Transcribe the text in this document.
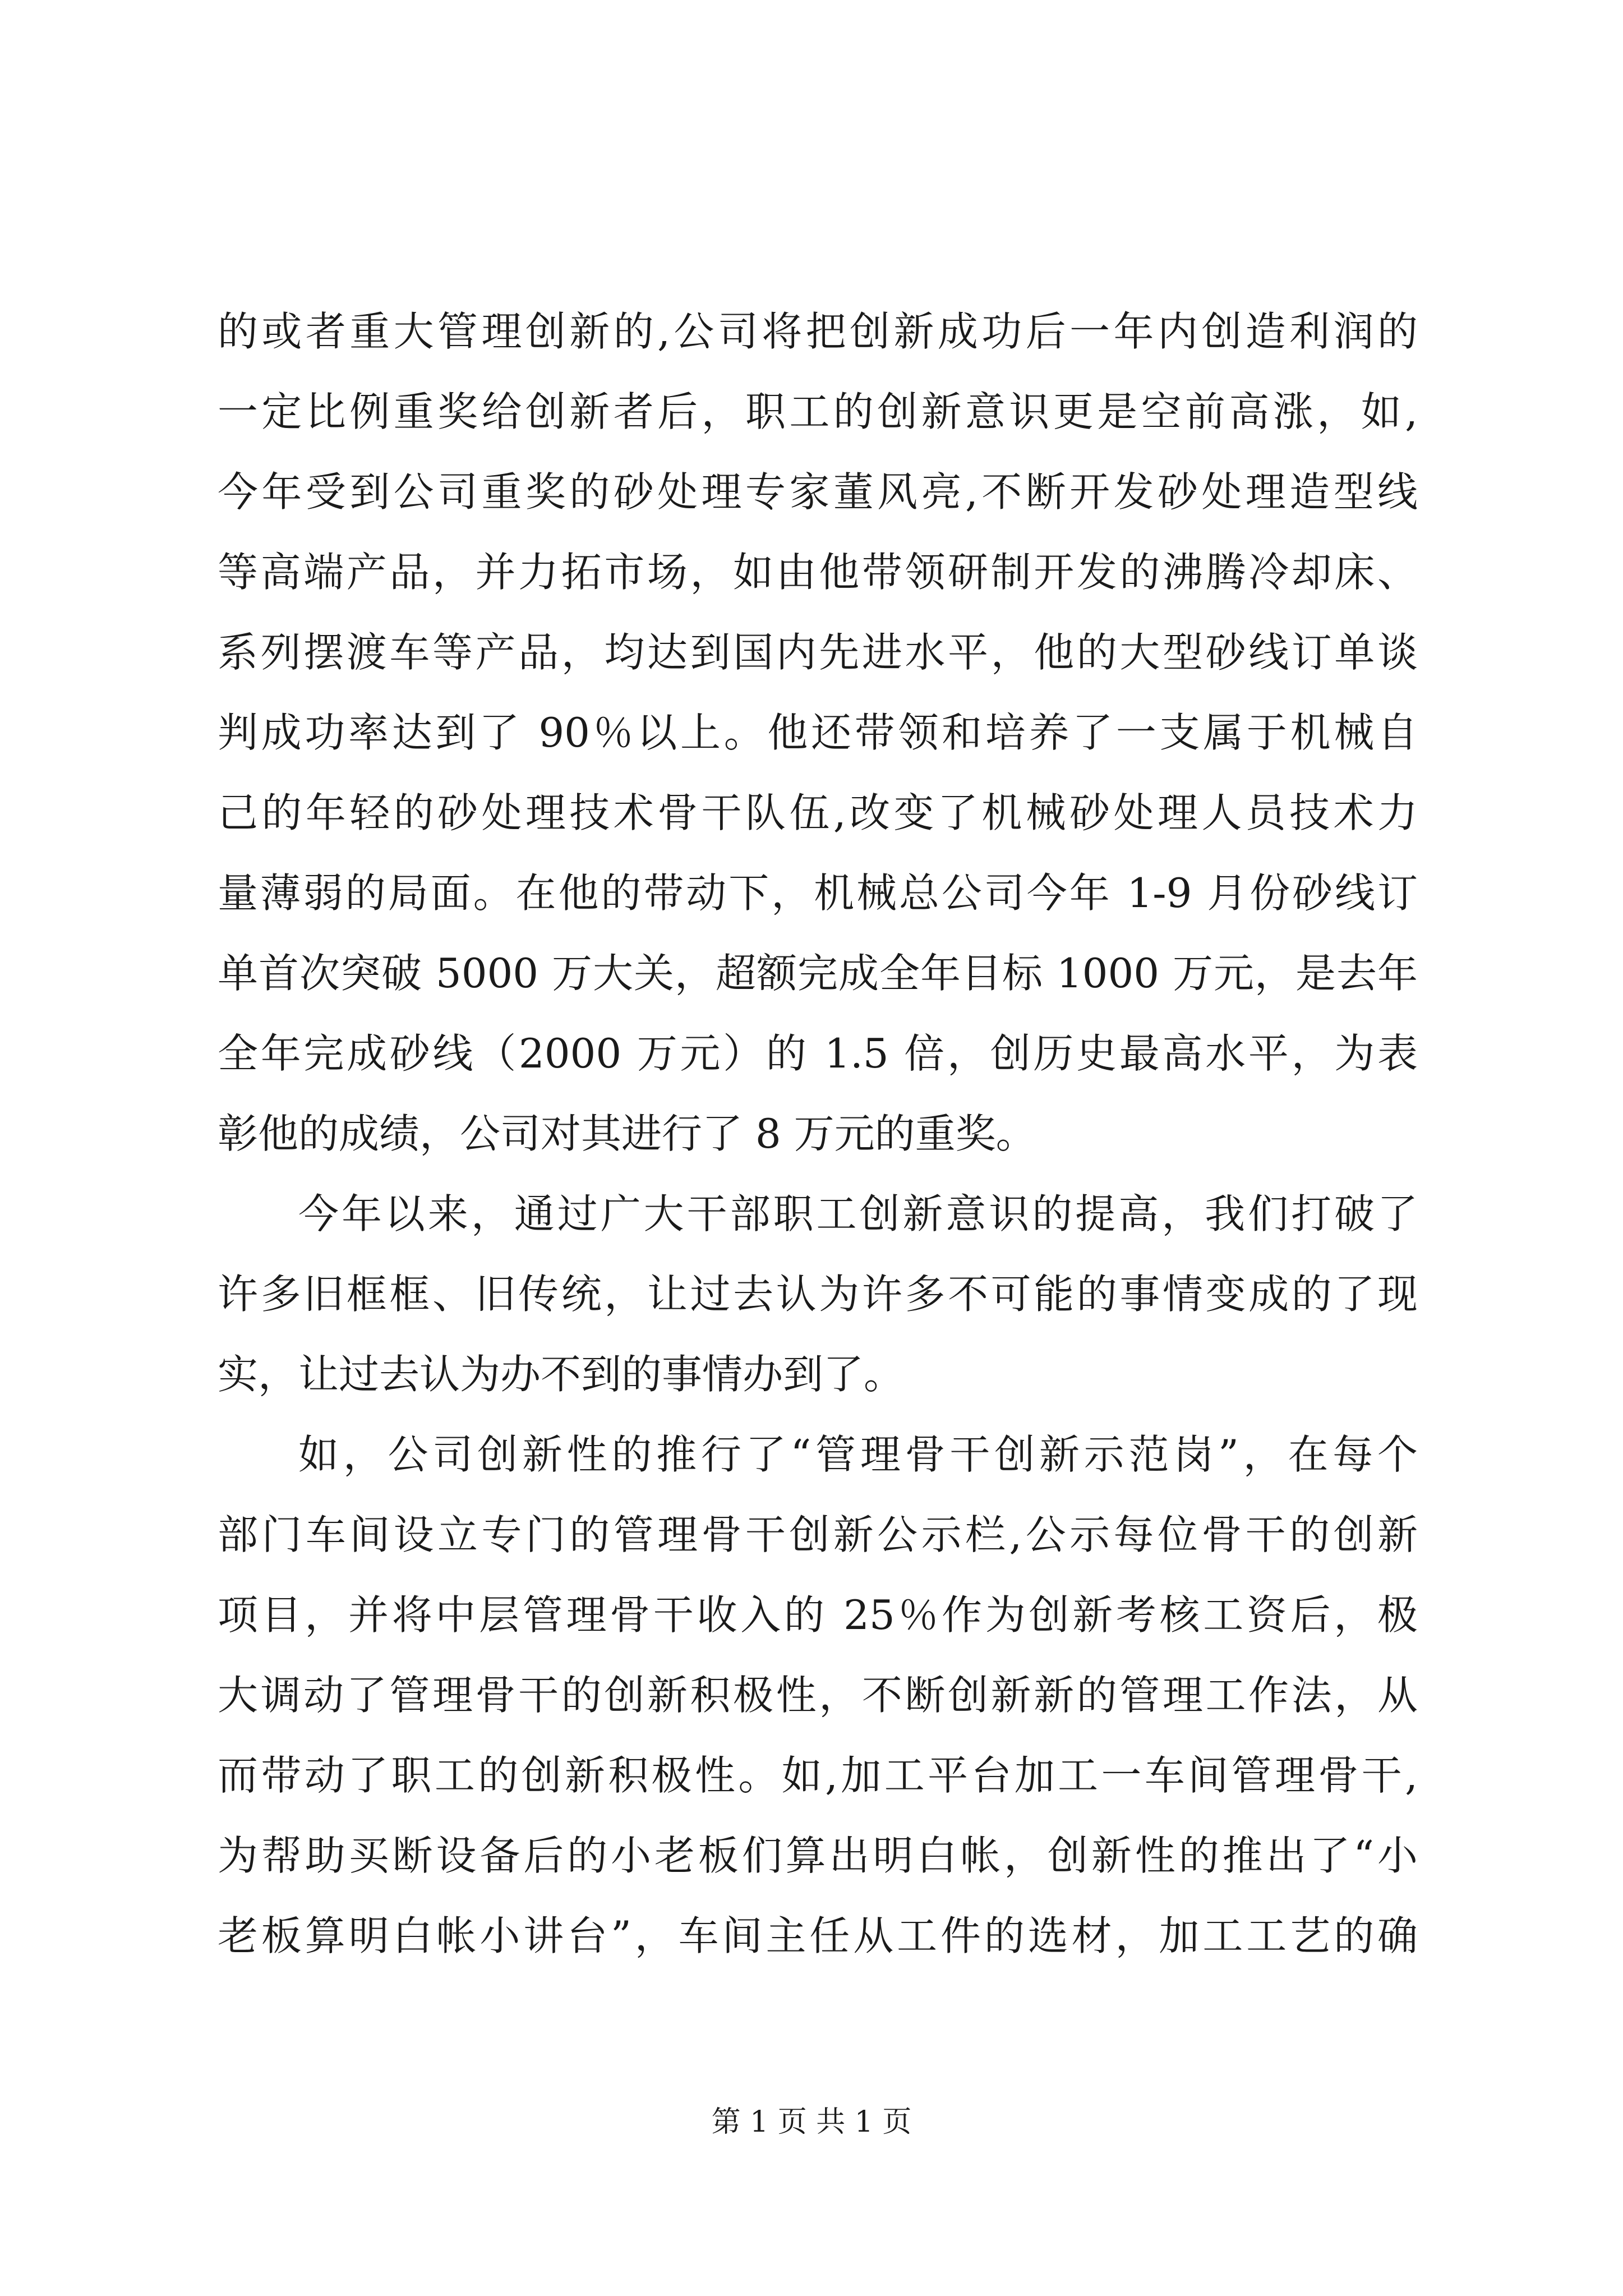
的或者重大管理创新的,公司将把创新成功后一年内创造利润的
一定比例重奖给创新者后，职工的创新意识更是空前高涨，如,
今年受到公司重奖的砂处理专家董风亮,不断开发砂处理造型线
等高端产品，并力拓市场，如由他带领研制开发的沸腾冷却床、
系列摆渡车等产品，均达到国内先进水平，他的大型砂线订单谈
判成功率达到了 90％以上。他还带领和培养了一支属于机械自
己的年轻的砂处理技术骨干队伍,改变了机械砂处理人员技术力
量薄弱的局面。在他的带动下，机械总公司今年 1-9 月份砂线订
单首次突破 5000 万大关，超额完成全年目标 1000 万元，是去年
全年完成砂线（2000 万元）的 1.5 倍，创历史最高水平，为表
彰他的成绩，公司对其进行了 8 万元的重奖。
今年以来，通过广大干部职工创新意识的提高，我们打破了
许多旧框框、旧传统，让过去认为许多不可能的事情变成的了现
实，让过去认为办不到的事情办到了。
如，公司创新性的推行了“管理骨干创新示范岗”，在每个
部门车间设立专门的管理骨干创新公示栏,公示每位骨干的创新
项目，并将中层管理骨干收入的 25％作为创新考核工资后，极
大调动了管理骨干的创新积极性，不断创新新的管理工作法，从
而带动了职工的创新积极性。如,加工平台加工一车间管理骨干,
为帮助买断设备后的小老板们算出明白帐，创新性的推出了“小
老板算明白帐小讲台”，车间主任从工件的选材，加工工艺的确
第 1 页 共 1 页
